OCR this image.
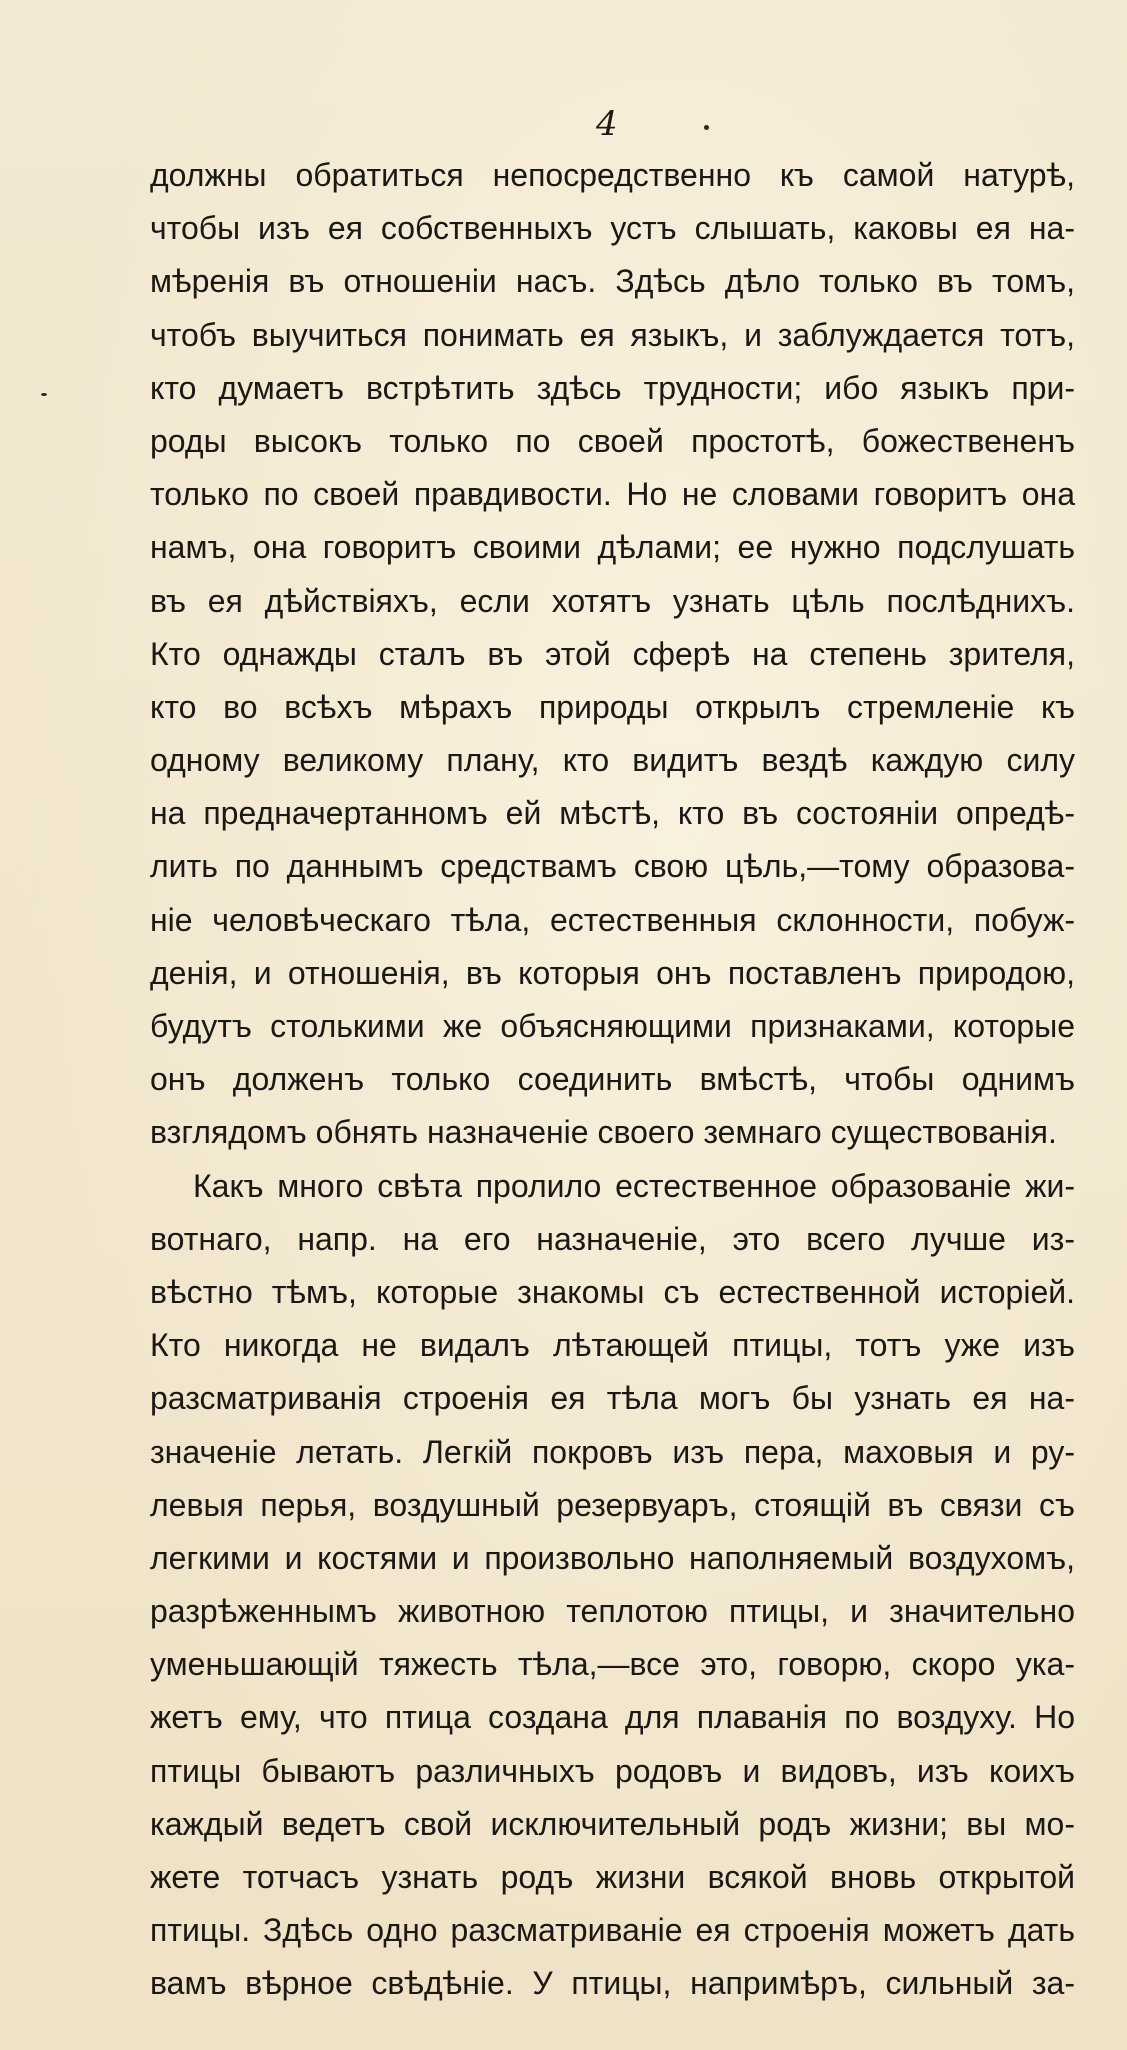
4
должны обратиться непосредственно къ самой натурѣ,
чтобы изъ ея собственныхъ устъ слышать, каковы ея на-
мѣренія въ отношеніи насъ. Здѣсь дѣло только въ томъ,
чтобъ выучиться понимать ея языкъ, и заблуждается тотъ,
кто думаетъ встрѣтить здѣсь трудности; ибо языкъ при-
роды высокъ только по своей простотѣ, божествененъ
только по своей правдивости. Но не словами говоритъ она
намъ, она говоритъ своими дѣлами; ее нужно подслушать
въ ея дѣйствіяхъ, если хотятъ узнать цѣль послѣднихъ.
Кто однажды сталъ въ этой сферѣ на степень зрителя,
кто во всѣхъ мѣрахъ природы открылъ стремленіе къ
одному великому плану, кто видитъ вездѣ каждую силу
на предначертанномъ ей мѣстѣ, кто въ состояніи опредѣ-
лить по даннымъ средствамъ свою цѣль,—тому образова-
ніе человѣческаго тѣла, естественныя склонности, побуж-
денія, и отношенія, въ которыя онъ поставленъ природою,
будутъ столькими же объясняющими признаками, которые
онъ долженъ только соединить вмѣстѣ, чтобы однимъ
взглядомъ обнять назначеніе своего земнаго существованія.
Какъ много свѣта пролило естественное образованіе жи-
вотнаго, напр. на его назначеніе, это всего лучше из-
вѣстно тѣмъ, которые знакомы съ естественной исторіей.
Кто никогда не видалъ лѣтающей птицы, тотъ уже изъ
разсматриванія строенія ея тѣла могъ бы узнать ея на-
значеніе летать. Легкій покровъ изъ пера, маховыя и ру-
левыя перья, воздушный резервуаръ, стоящій въ связи съ
легкими и костями и произвольно наполняемый воздухомъ,
разрѣженнымъ животною теплотою птицы, и значительно
уменьшающій тяжесть тѣла,—все это, говорю, скоро ука-
жетъ ему, что птица создана для плаванія по воздуху. Но
птицы бываютъ различныхъ родовъ и видовъ, изъ коихъ
каждый ведетъ свой исключительный родъ жизни; вы мо-
жете тотчасъ узнать родъ жизни всякой вновь открытой
птицы. Здѣсь одно разсматриваніе ея строенія можетъ дать
вамъ вѣрное свѣдѣніе. У птицы, напримѣръ, сильный за-
